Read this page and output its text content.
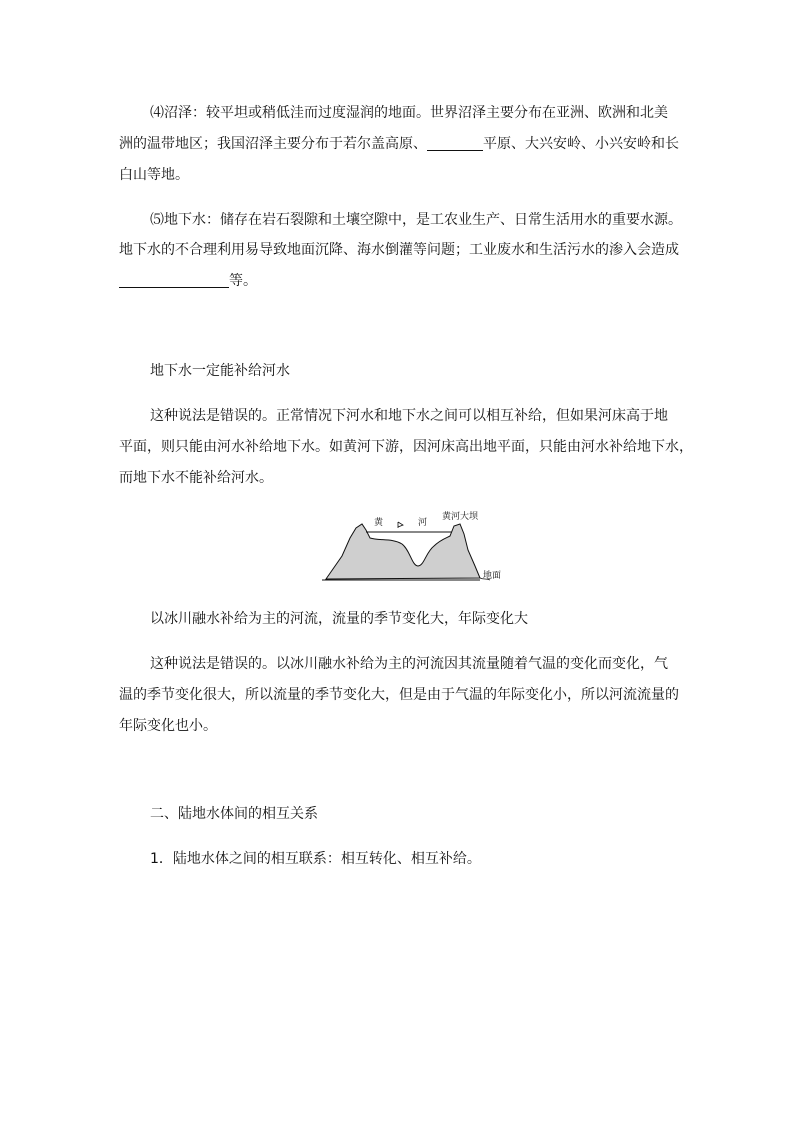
⑷沼泽：较平坦或稍低洼而过度湿润的地面。世界沼泽主要分布在亚洲、欧洲和北美
洲的温带地区；我国沼泽主要分布于若尔盖高原、	平原、大兴安岭、小兴安岭和长
白山等地。
⑸地下水：储存在岩石裂隙和土壤空隙中，是工农业生产、日常生活用水的重要水源。
地下水的不合理利用易导致地面沉降、海水倒灌等问题；工业废水和生活污水的渗入会造成
等。
地下水一定能补给河水
这种说法是错误的。正常情况下河水和地下水之间可以相互补给，但如果河床高于地
平面，则只能由河水补给地下水。如黄河下游，因河床高出地平面，只能由河水补给地下水，
而地下水不能补给河水。
黄	河
黄河大坝
地面
以冰川融水补给为主的河流，流量的季节变化大，年际变化大
这种说法是错误的。以冰川融水补给为主的河流因其流量随着气温的变化而变化，气
温的季节变化很大，所以流量的季节变化大，但是由于气温的年际变化小，所以河流流量的
年际变化也小。
二、陆地水体间的相互关系
1．陆地水体之间的相互联系：相互转化、相互补给。
